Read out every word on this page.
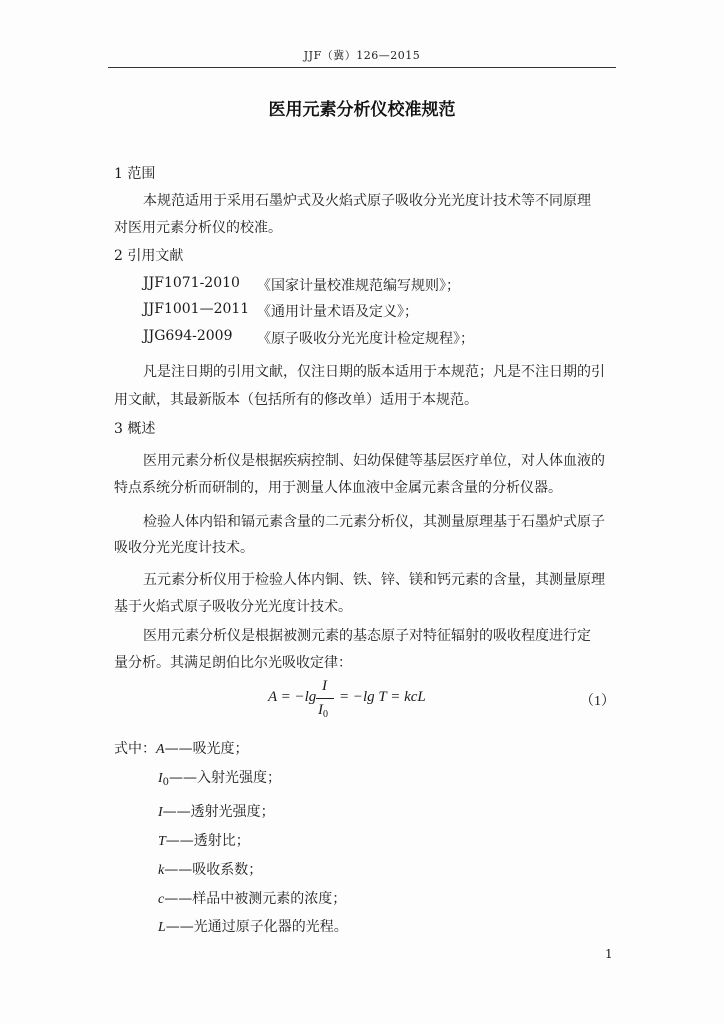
JJF（冀）126—2015
医用元素分析仪校准规范
1 范围
本规范适用于采用石墨炉式及火焰式原子吸收分光光度计技术等不同原理
对医用元素分析仪的校准。
2 引用文献
JJF1071-2010 《国家计量校准规范编写规则》；
JJF1001—2011 《通用计量术语及定义》；
JJG694-2009 《原子吸收分光光度计检定规程》；
凡是注日期的引用文献，仅注日期的版本适用于本规范；凡是不注日期的引
用文献，其最新版本（包括所有的修改单）适用于本规范。
3 概述
医用元素分析仪是根据疾病控制、妇幼保健等基层医疗单位，对人体血液的
特点系统分析而研制的，用于测量人体血液中金属元素含量的分析仪器。
检验人体内铅和镉元素含量的二元素分析仪，其测量原理基于石墨炉式原子
吸收分光光度计技术。
五元素分析仪用于检验人体内铜、铁、锌、镁和钙元素的含量，其测量原理
基于火焰式原子吸收分光光度计技术。
医用元素分析仪是根据被测元素的基态原子对特征辐射的吸收程度进行定
量分析。其满足朗伯比尔光吸收定律：
A = −lg
I
$I_0$
= −lg T = kcL	（1）
式中：A——吸光度；
$I_0——$入射光强度；
I——透射光强度；
T——透射比；
k——吸收系数；
c——样品中被测元素的浓度；
L——光通过原子化器的光程。
1
